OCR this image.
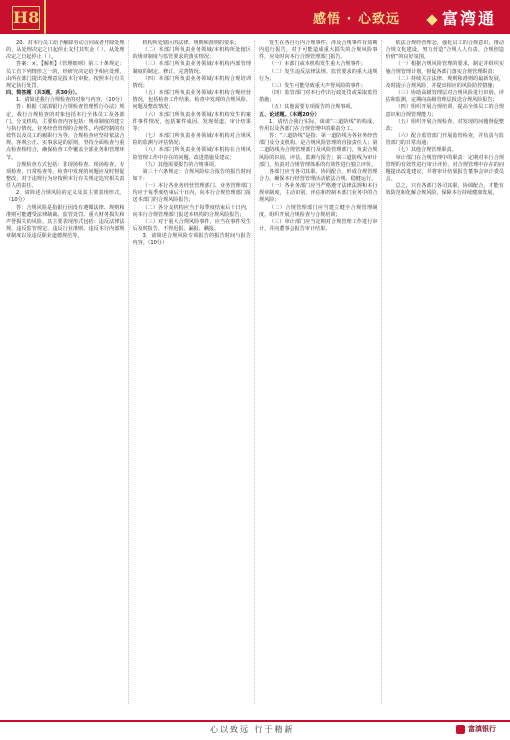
H8	感悟 · 心致远	富湾通

20．对本行员工给予解除劳动合同或者开除处理的，从处理决定之日起停止支付其奖金（ ）。从处理决定之日起停止（ ）。

答案：×。【解析】《管理细则》第三十条规定：员工有下列情形之一的，经研究决定给予相应处理，由所在部门提出处理意见报本行审批，按照本行有关规定执行处罚。

四、简答题（共3题，共30分）。

1．请简述我行合规检查的对象与内容。（10分）

答：根据《富滇银行合规检查管理暂行办法》规定，我行合规检查的对象包括本行全体员工及各部门、分支机构，主要检查内容包括：规章制度的建立与执行情况、业务经营管理的合规性、内部控制的有效性以及员工的履职行为等。合规检查应坚持依法合规、客观公正、实事求是的原则，坚持全面检查与重点检查相结合，确保检查工作覆盖全部业务和管理环节。

合规检查方式包括：非现场检查、现场检查、专项检查、日常检查等。检查中发现的问题应及时督促整改，对于违规行为应按照本行有关规定追究相关责任人的责任。

2．请简述合规风险的定义及其主要表现形式。（10分）

答：合规风险是指银行因没有遵循法律、规则和准则可能遭受法律制裁、监管处罚、重大财务损失和声誉损失的风险。其主要表现形式包括：违反法律法规、违反监管规定、违反行业准则、违反本行内部规章制度以及违反职业道德规范等。

机构所处辖区的法律、规则和准则的要求；

（二）本部门所负责业务领域/本机构所处辖区的规章制度与监管要求的落实情况；

（三）本部门所负责业务领域/本机构内部管理制度的制定、修订、完善情况；

（四）本部门所负责业务领域/本机构合规培训情况；

（五）本部门所负责业务领域/本机构合规经营情况，包括检查工作结果，检查中发现的合规风险、问题及整改情况；

（六）本部门所负责业务领域/本机构发生的案件事件情况，包括案件成因、发现渠道、审计结果等；

（七）本部门所负责业务领域/本机构对合规风险的监测与评估情况；

（八）本部门所负责业务领域/本机构在合规风险管理工作中存在的问题、改进措施及建议；

（九）其他需要报告的合规事项。

第三十六条规定：合规风险综合报告的报告时间如下：

（一）本行各业务经营管理部门、业务管理部门均应于每季度结束后十日内，向本行合规管理部门报送本部门的合规风险报告；

（二）各分支机构应当于每季度结束后十日内，向本行合规管理部门报送本机构的合规风险报告；

（三）对于重大合规风险事件，应当在事件发生后及时报告，不得迟报、漏报、瞒报。

3．请简述合规风险专项报告的报告时间与报告内容。（10分）

发生在各自行内合规事件，涉及合规事件有效期内进行报告，对于可能造成重大损失的合规风险事件，应及时向本行合规管理部门报告。

（一）本部门或本机构发生重大合规事件；

（二）发生违反法律法规、监管要求的重大违规行为；

（三）发生可能导致重大声誉风险的事件；

（四）监管部门对本行作出行政处罚或采取监管措施；

（五）其他需要专项报告的合规事项。

五、论述题。（本题20分）

1．请结合我行实际，谈谈“三道防线”的构成、作用以及各部门在合规管理中的职责分工。

答：“三道防线”是指：第一道防线为各业务经营部门及分支机构，是合规风险管理的直接责任人；第二道防线为合规管理部门及风险管理部门，负责合规风险的识别、评估、监测与报告；第三道防线为审计部门，负责对合规管理体系的有效性进行独立评价。

各部门应当各司其职、协同配合，形成合规管理合力，确保本行经营管理活动依法合规、稳健运行。

（一）各业务部门应当严格遵守法律法规和本行规章制度，主动识别、评估和控制本部门业务中的合规风险；

（二）合规管理部门应当建立健全合规管理制度，组织开展合规检查与合规培训；

（三）审计部门应当定期对合规管理工作进行审计，并向董事会报告审计结果。

依法合规经营理念，强化员工的合规意识，推动合规文化建设，努力营造“合规人人有责、合规创造价值”的良好氛围。

（一）根据合规风险管理的要求，制定并组织实施合规管理计划，督促各部门落实合规管理职责；

（二）持续关注法律、规则和准则的最新发展，及时提示合规风险，并提出相应的风险防控措施；

（三）协助高级管理层对合规风险进行识别、评估和监测，定期向高级管理层报送合规风险报告；

（四）组织开展合规培训，提高全体员工的合规意识和合规管理能力；

（五）组织开展合规检查，对发现的问题督促整改；

（六）配合监管部门开展监管检查，并负责与监管部门的日常沟通；

（七）其他合规管理职责。

审计部门在合规管理中的职责：定期对本行合规管理的有效性进行审计评价，对合规管理中存在的问题提出改进建议，并将审计结果报告董事会审计委员会。

总之，只有各部门各司其职、协调配合，才能有效防范和化解合规风险，保障本行持续健康发展。

心以致远 行于精新	富滇银行
